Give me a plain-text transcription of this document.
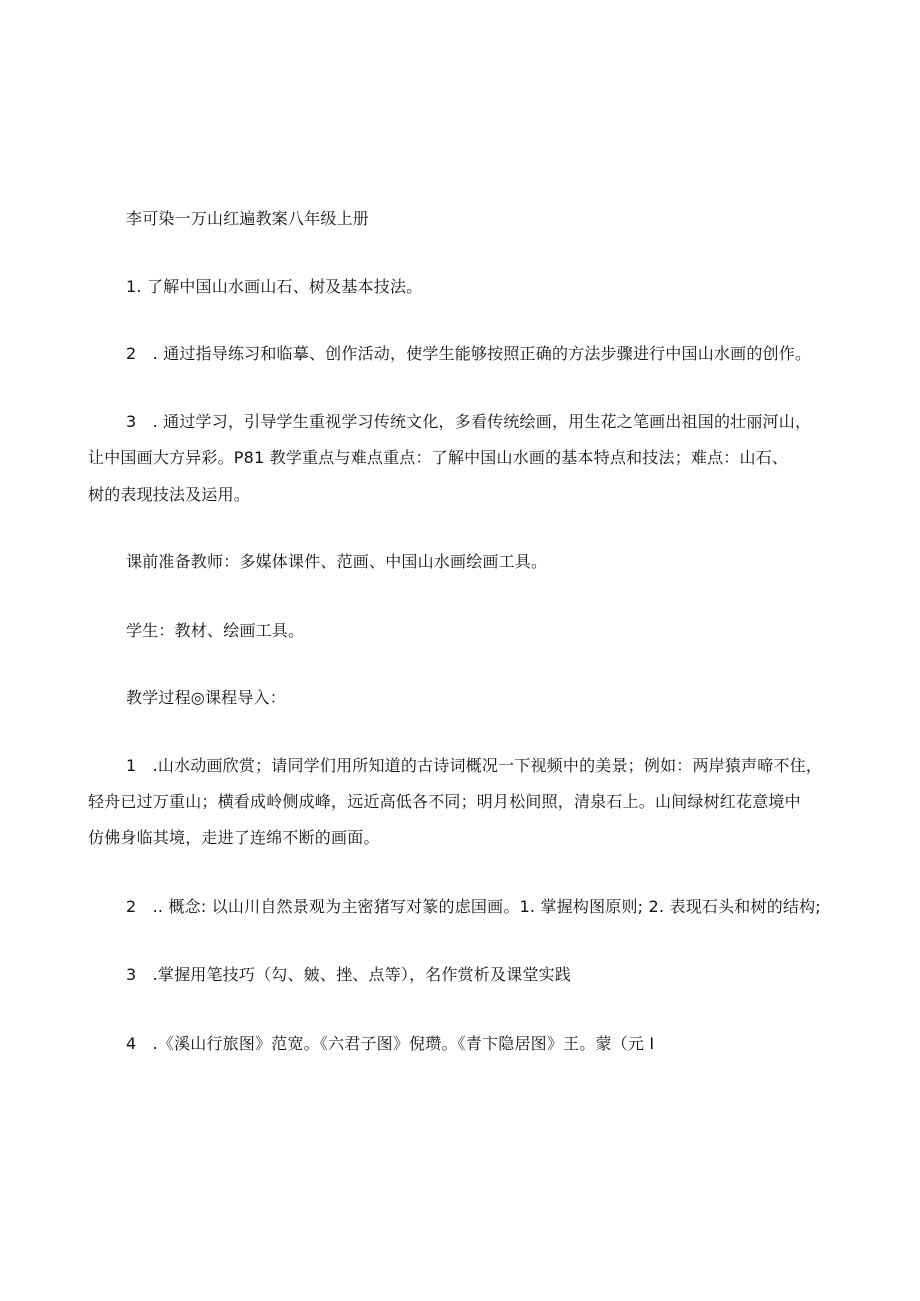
李可染一万山红遍教案八年级上册
1. 了解中国山水画山石、树及基本技法。
2　. 通过指导练习和临摹、创作活动，使学生能够按照正确的方法步骤进行中国山水画的创作。
3　. 通过学习，引导学生重视学习传统文化，多看传统绘画，用生花之笔画出祖国的壮丽河山，
让中国画大方异彩。P81 教学重点与难点重点：了解中国山水画的基本特点和技法；难点：山石、
树的表现技法及运用。
课前准备教师：多媒体课件、范画、中国山水画绘画工具。
学生：教材、绘画工具。
教学过程◎课程导入：
1　.山水动画欣赏；请同学们用所知道的古诗词概况一下视频中的美景；例如：两岸猿声啼不住，
轻舟已过万重山；横看成岭侧成峰，远近高低各不同；明月松间照，清泉石上。山间绿树红花意境中
仿佛身临其境，走进了连绵不断的画面。
2　.. 概念: 以山川自然景观为主密猪写对篆的虑国画。1. 掌握构图原则; 2. 表现石头和树的结构;
3　.掌握用笔技巧（勾、皴、挫、点等），名作赏析及课堂实践
4　.《溪山行旅图》范宽。《六君子图》倪瓒。《青卞隐居图》王。蒙（元 I
